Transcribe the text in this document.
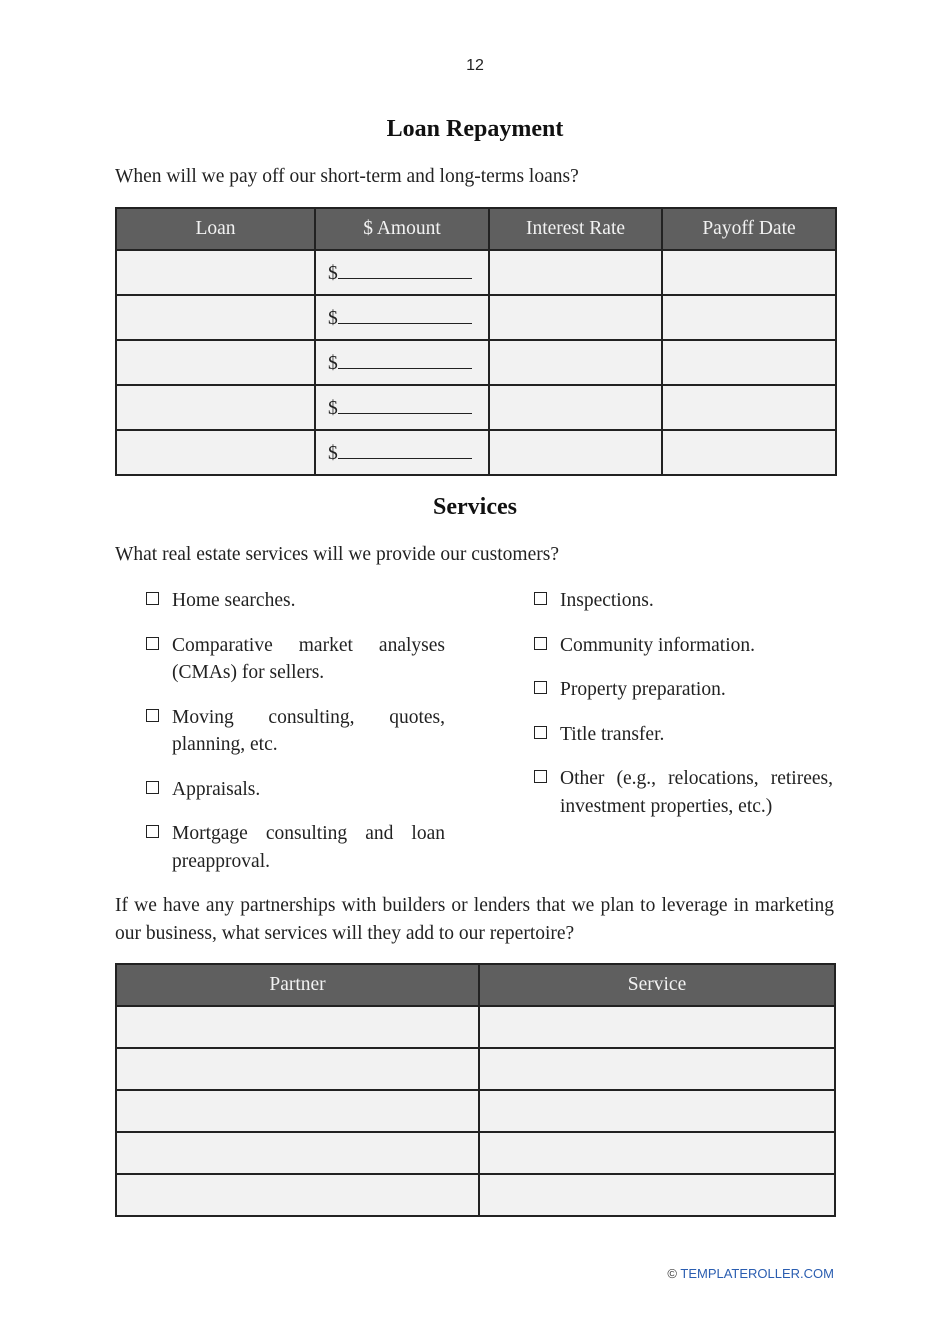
12
Loan Repayment

When will we pay off our short-term and long-terms loans?

Loan	$ Amount	Interest Rate	Payoff Date
	$		
	$		
	$		
	$		
	$		
Services

What real estate services will we provide our customers?

Home searches.
Comparative market analyses (CMAs) for sellers.
Moving consulting, quotes, planning, etc.
Appraisals.
Mortgage consulting and loan preapproval.
Inspections.
Community information.
Property preparation.
Title transfer.
Other (e.g., relocations, retirees, investment properties, etc.)

If we have any partnerships with builders or lenders that we plan to leverage in marketing our business, what services will they add to our repertoire?

Partner	Service

© TEMPLATEROLLER.COM
